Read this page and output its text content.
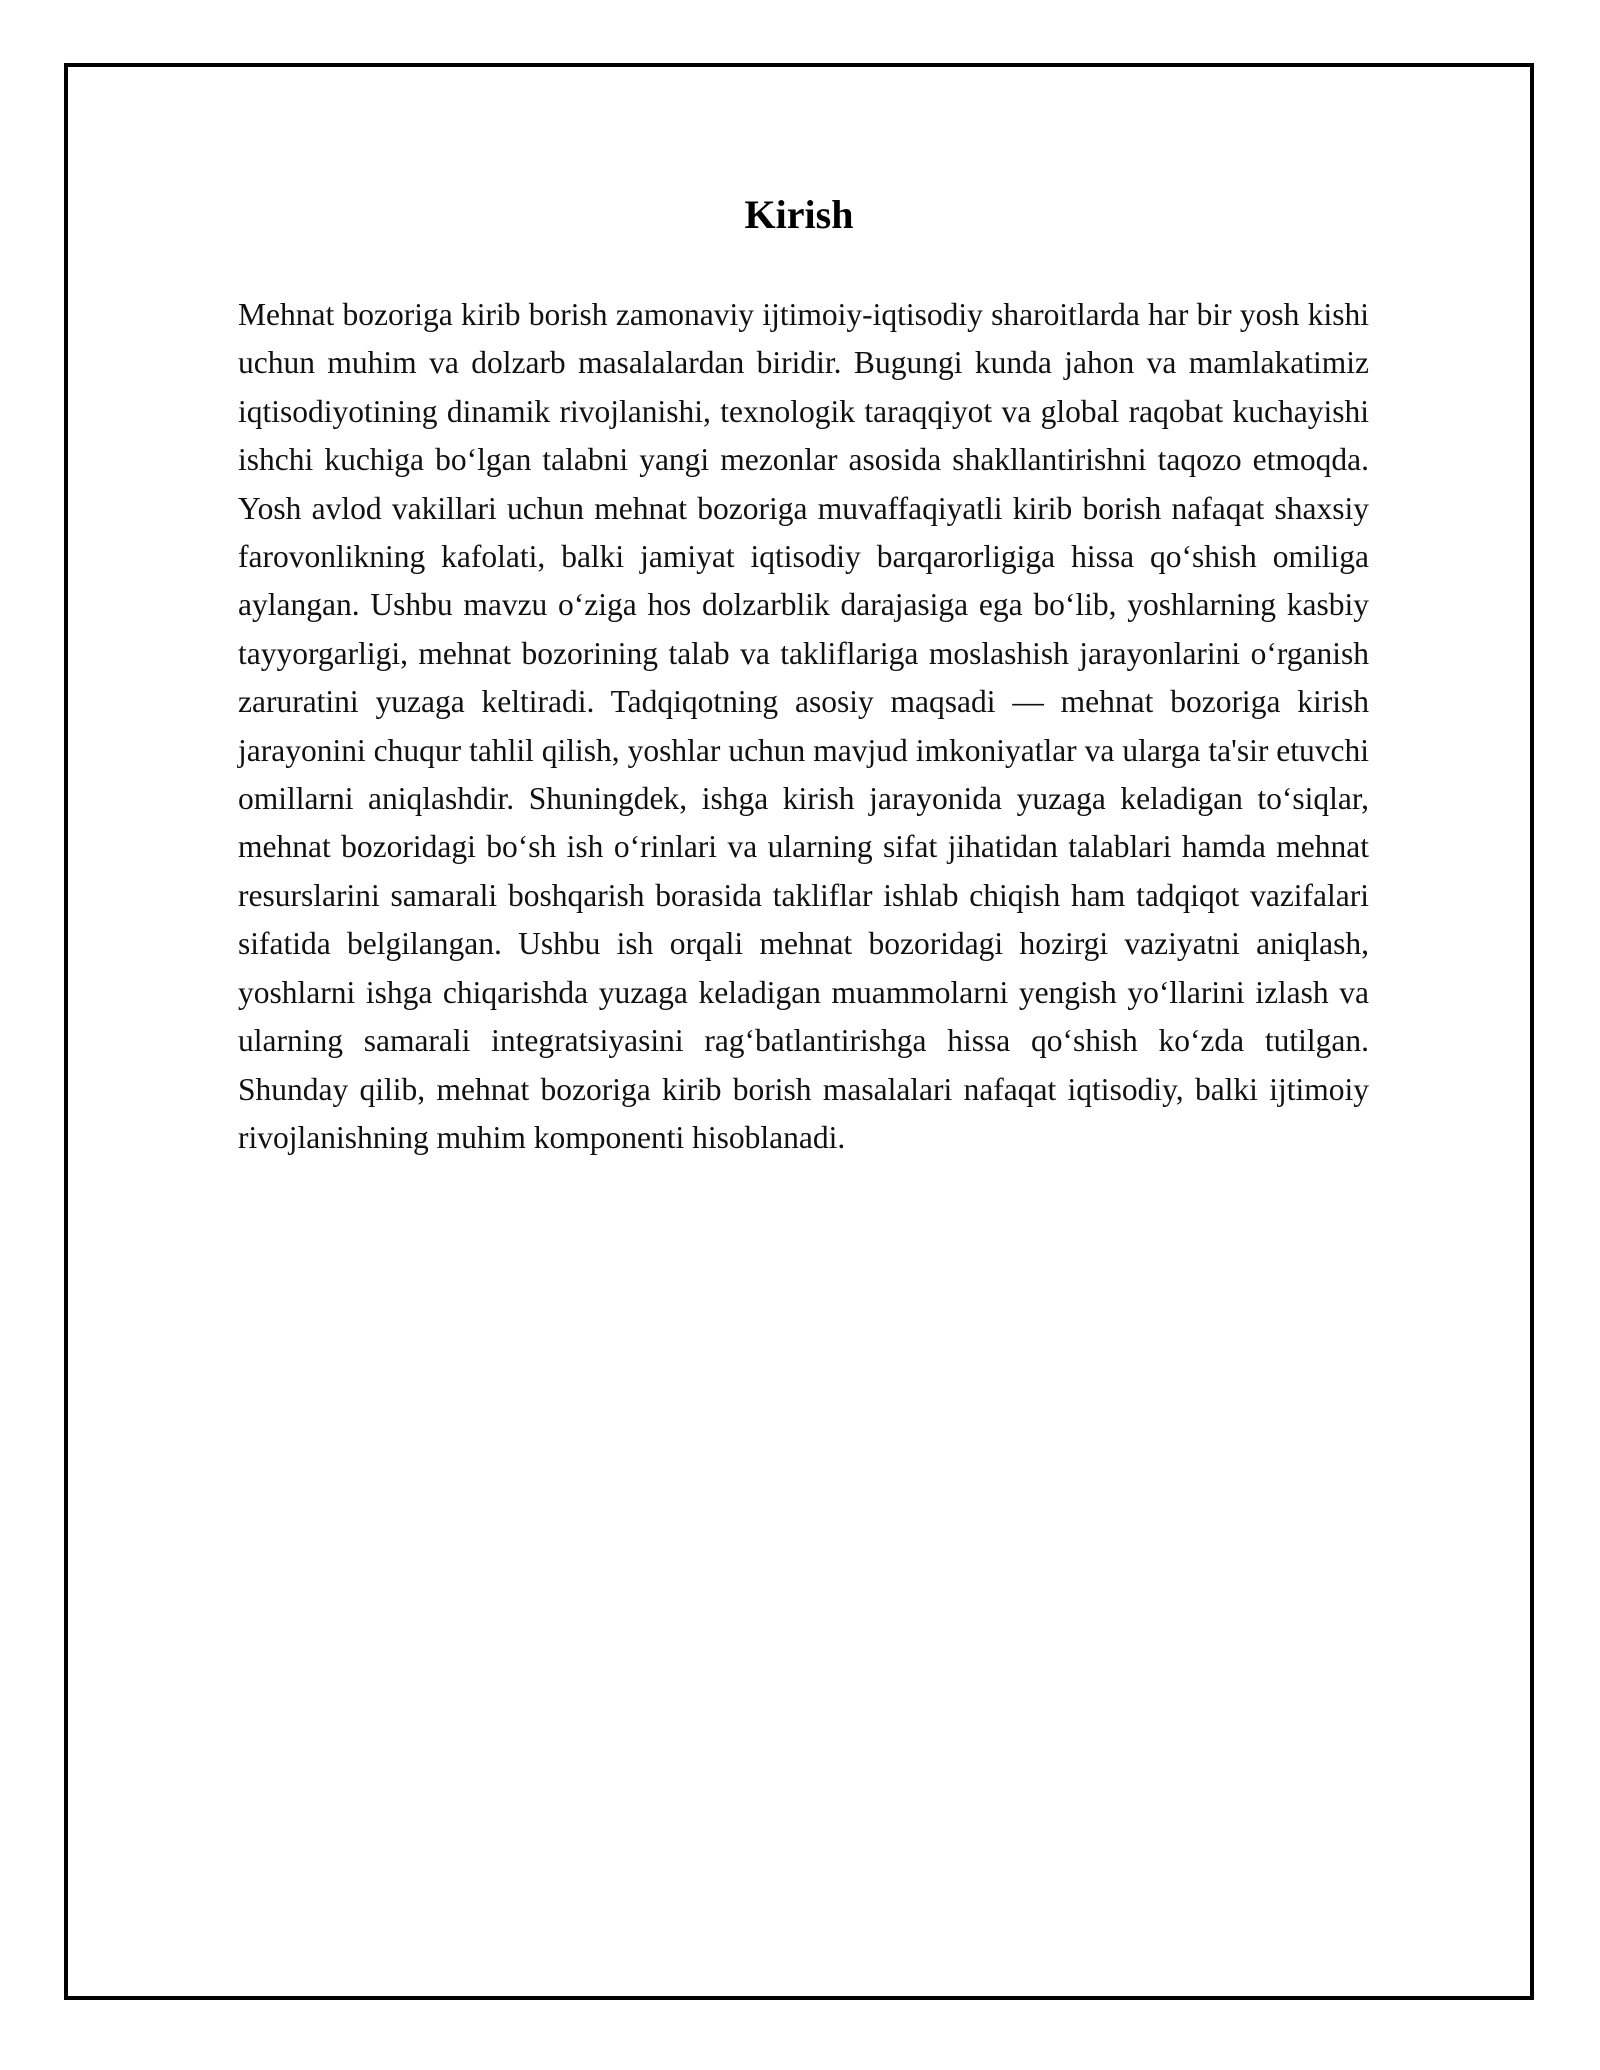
Kirish

Mehnat bozoriga kirib borish zamonaviy ijtimoiy-iqtisodiy sharoitlarda har bir yosh kishi uchun muhim va dolzarb masalalardan biridir. Bugungi kunda jahon va mamlakatimiz iqtisodiyotining dinamik rivojlanishi, texnologik taraqqiyot va global raqobat kuchayishi ishchi kuchiga bo‘lgan talabni yangi mezonlar asosida shakllantirishni taqozo etmoqda. Yosh avlod vakillari uchun mehnat bozoriga muvaffaqiyatli kirib borish nafaqat shaxsiy farovonlikning kafolati, balki jamiyat iqtisodiy barqarorligiga hissa qo‘shish omiliga aylangan. Ushbu mavzu o‘ziga hos dolzarblik darajasiga ega bo‘lib, yoshlarning kasbiy tayyorgarligi, mehnat bozorining talab va takliflariga moslashish jarayonlarini o‘rganish zaruratini yuzaga keltiradi. Tadqiqotning asosiy maqsadi — mehnat bozoriga kirish jarayonini chuqur tahlil qilish, yoshlar uchun mavjud imkoniyatlar va ularga ta'sir etuvchi omillarni aniqlashdir. Shuningdek, ishga kirish jarayonida yuzaga keladigan to‘siqlar, mehnat bozoridagi bo‘sh ish o‘rinlari va ularning sifat jihatidan talablari hamda mehnat resurslarini samarali boshqarish borasida takliflar ishlab chiqish ham tadqiqot vazifalari sifatida belgilangan. Ushbu ish orqali mehnat bozoridagi hozirgi vaziyatni aniqlash, yoshlarni ishga chiqarishda yuzaga keladigan muammolarni yengish yo‘llarini izlash va ularning samarali integratsiyasini rag‘batlantirishga hissa qo‘shish ko‘zda tutilgan. Shunday qilib, mehnat bozoriga kirib borish masalalari nafaqat iqtisodiy, balki ijtimoiy rivojlanishning muhim komponenti hisoblanadi.
